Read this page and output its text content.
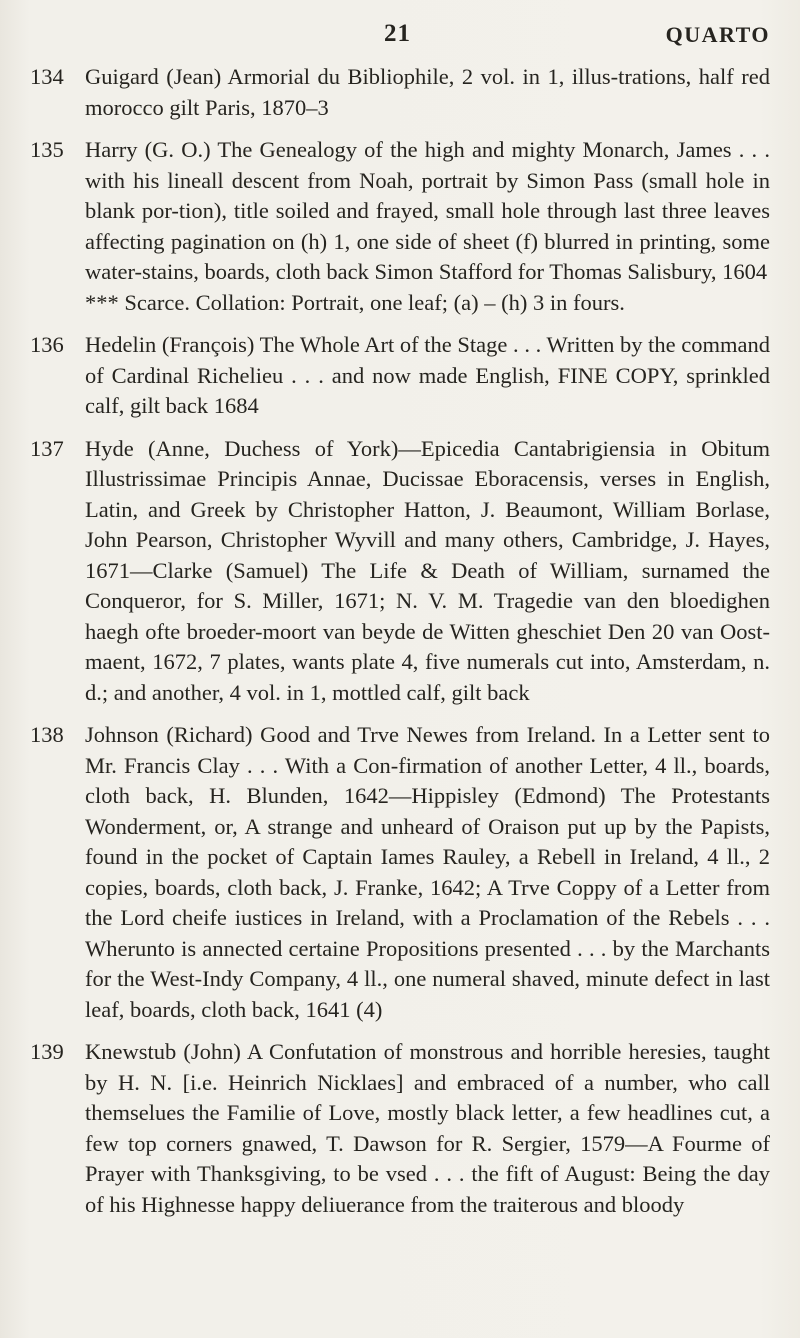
21	QUARTO
134 Guigard (Jean) Armorial du Bibliophile, 2 vol. in 1, illus-trations, half red morocco gilt Paris, 1870–3
135 Harry (G. O.) The Genealogy of the high and mighty Monarch, James . . . with his lineall descent from Noah, portrait by Simon Pass (small hole in blank por-tion), title soiled and frayed, small hole through last three leaves affecting pagination on (h) 1, one side of sheet (f) blurred in printing, some water-stains, boards, cloth back Simon Stafford for Thomas Salisbury, 1604
*** Scarce. Collation: Portrait, one leaf; (a) – (h) 3 in fours.
136 Hedelin (François) The Whole Art of the Stage . . . Written by the command of Cardinal Richelieu . . . and now made English, FINE COPY, sprinkled calf, gilt back 1684
137 Hyde (Anne, Duchess of York)—Epicedia Cantabrigiensia in Obitum Illustrissimae Principis Annae, Ducissae Eboracensis, verses in English, Latin, and Greek by Christopher Hatton, J. Beaumont, William Borlase, John Pearson, Christopher Wyvill and many others, Cambridge, J. Hayes, 1671—Clarke (Samuel) The Life & Death of William, surnamed the Conqueror, for S. Miller, 1671; N. V. M. Tragedie van den bloedighen haegh ofte broeder-moort van beyde de Witten gheschiet Den 20 van Oost-maent, 1672, 7 plates, wants plate 4, five numerals cut into, Amsterdam, n. d.; and another, 4 vol. in 1, mottled calf, gilt back
138 Johnson (Richard) Good and Trve Newes from Ireland. In a Letter sent to Mr. Francis Clay . . . With a Con-firmation of another Letter, 4 ll., boards, cloth back, H. Blunden, 1642—Hippisley (Edmond) The Protestants Wonderment, or, A strange and unheard of Oraison put up by the Papists, found in the pocket of Captain Iames Rauley, a Rebell in Ireland, 4 ll., 2 copies, boards, cloth back, J. Franke, 1642; A Trve Coppy of a Letter from the Lord cheife iustices in Ireland, with a Proclamation of the Rebels . . . Wherunto is annected certaine Propositions presented . . . by the Marchants for the West-Indy Company, 4 ll., one numeral shaved, minute defect in last leaf, boards, cloth back, 1641 (4)
139 Knewstub (John) A Confutation of monstrous and horrible heresies, taught by H. N. [i.e. Heinrich Nicklaes] and embraced of a number, who call themselues the Familie of Love, mostly black letter, a few headlines cut, a few top corners gnawed, T. Dawson for R. Sergier, 1579—A Fourme of Prayer with Thanksgiving, to be vsed . . . the fift of August: Being the day of his Highnesse happy deliuerance from the traiterous and bloody
